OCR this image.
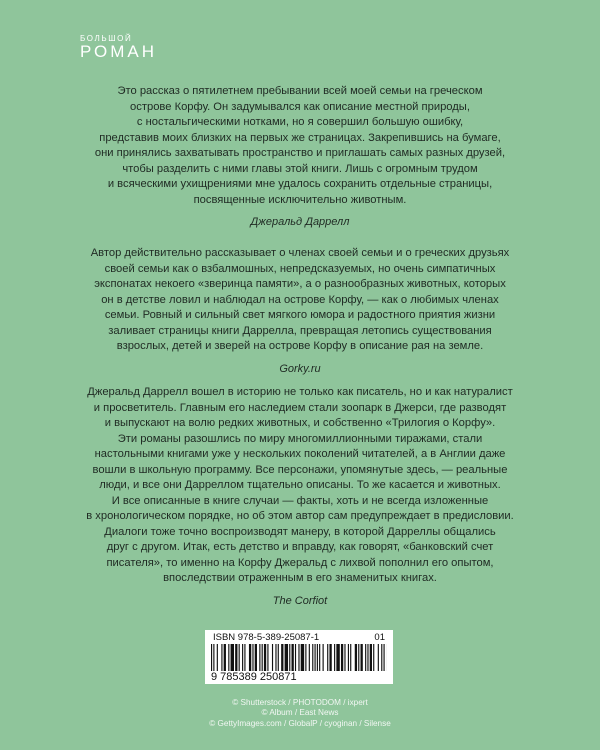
БОЛЬШОЙ
РОМАН

Это рассказ о пятилетнем пребывании всей моей семьи на греческом
острове Корфу. Он задумывался как описание местной природы,
с ностальгическими нотками, но я совершил большую ошибку,
представив моих близких на первых же страницах. Закрепившись на бумаге,
они принялись захватывать пространство и приглашать самых разных друзей,
чтобы разделить с ними главы этой книги. Лишь с огромным трудом
и всяческими ухищрениями мне удалось сохранить отдельные страницы,
посвященные исключительно животным.

Джеральд Даррелл

Автор действительно рассказывает о членах своей семьи и о греческих друзьях
своей семьи как о взбалмошных, непредсказуемых, но очень симпатичных
экспонатах некоего «зверинца памяти», а о разнообразных животных, которых
он в детстве ловил и наблюдал на острове Корфу, — как о любимых членах
семьи. Ровный и сильный свет мягкого юмора и радостного приятия жизни
заливает страницы книги Даррелла, превращая летопись существования
взрослых, детей и зверей на острове Корфу в описание рая на земле.

Gorky.ru

Джеральд Даррелл вошел в историю не только как писатель, но и как натуралист
и просветитель. Главным его наследием стали зоопарк в Джерси, где разводят
и выпускают на волю редких животных, и собственно «Трилогия о Корфу».
Эти романы разошлись по миру многомиллионными тиражами, стали
настольными книгами уже у нескольких поколений читателей, а в Англии даже
вошли в школьную программу. Все персонажи, упомянутые здесь, — реальные
люди, и все они Дарреллом тщательно описаны. То же касается и животных.
И все описанные в книге случаи — факты, хоть и не всегда изложенные
в хронологическом порядке, но об этом автор сам предупреждает в предисловии.
Диалоги тоже точно воспроизводят манеру, в которой Дарреллы общались
друг с другом. Итак, есть детство и вправду, как говорят, «банковский счет
писателя», то именно на Корфу Джеральд с лихвой пополнил его опытом,
впоследствии отраженным в его знаменитых книгах.

The Corfiot
ISBN 978-5-389-25087-1	01
9 785389 250871
© Shutterstock / PHOTODOM / ixpert
© Album / East News
© GettyImages.com / GlobalP / cyoginan / Silense
